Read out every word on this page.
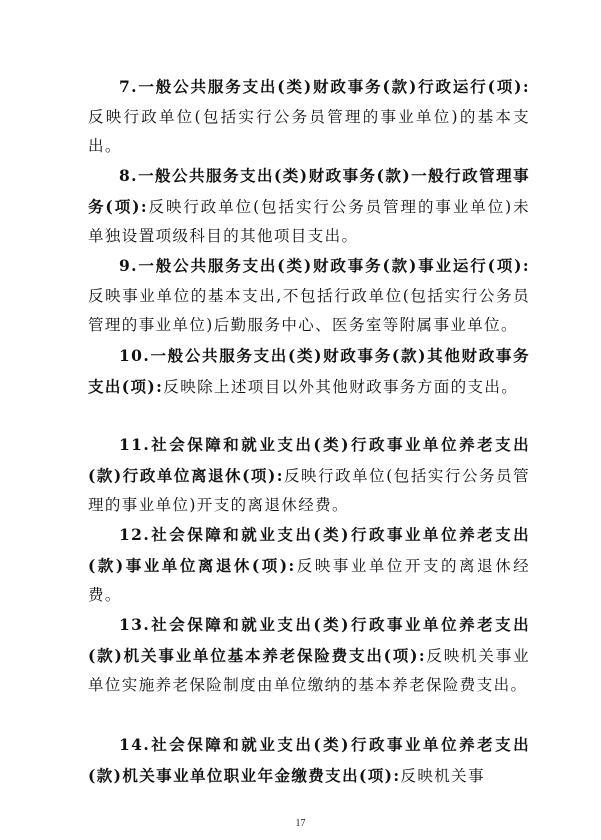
7.一般公共服务支出(类)财政事务(款)行政运行(项):反映行政单位(包括实行公务员管理的事业单位)的基本支出。

8.一般公共服务支出(类)财政事务(款)一般行政管理事务(项):反映行政单位(包括实行公务员管理的事业单位)未单独设置项级科目的其他项目支出。

9.一般公共服务支出(类)财政事务(款)事业运行(项):反映事业单位的基本支出,不包括行政单位(包括实行公务员管理的事业单位)后勤服务中心、医务室等附属事业单位。

10.一般公共服务支出(类)财政事务(款)其他财政事务支出(项):反映除上述项目以外其他财政事务方面的支出。

11.社会保障和就业支出(类)行政事业单位养老支出(款)行政单位离退休(项):反映行政单位(包括实行公务员管理的事业单位)开支的离退休经费。

12.社会保障和就业支出(类)行政事业单位养老支出(款)事业单位离退休(项):反映事业单位开支的离退休经费。

13.社会保障和就业支出(类)行政事业单位养老支出(款)机关事业单位基本养老保险费支出(项):反映机关事业单位实施养老保险制度由单位缴纳的基本养老保险费支出。

14.社会保障和就业支出(类)行政事业单位养老支出(款)机关事业单位职业年金缴费支出(项):反映机关事

17
